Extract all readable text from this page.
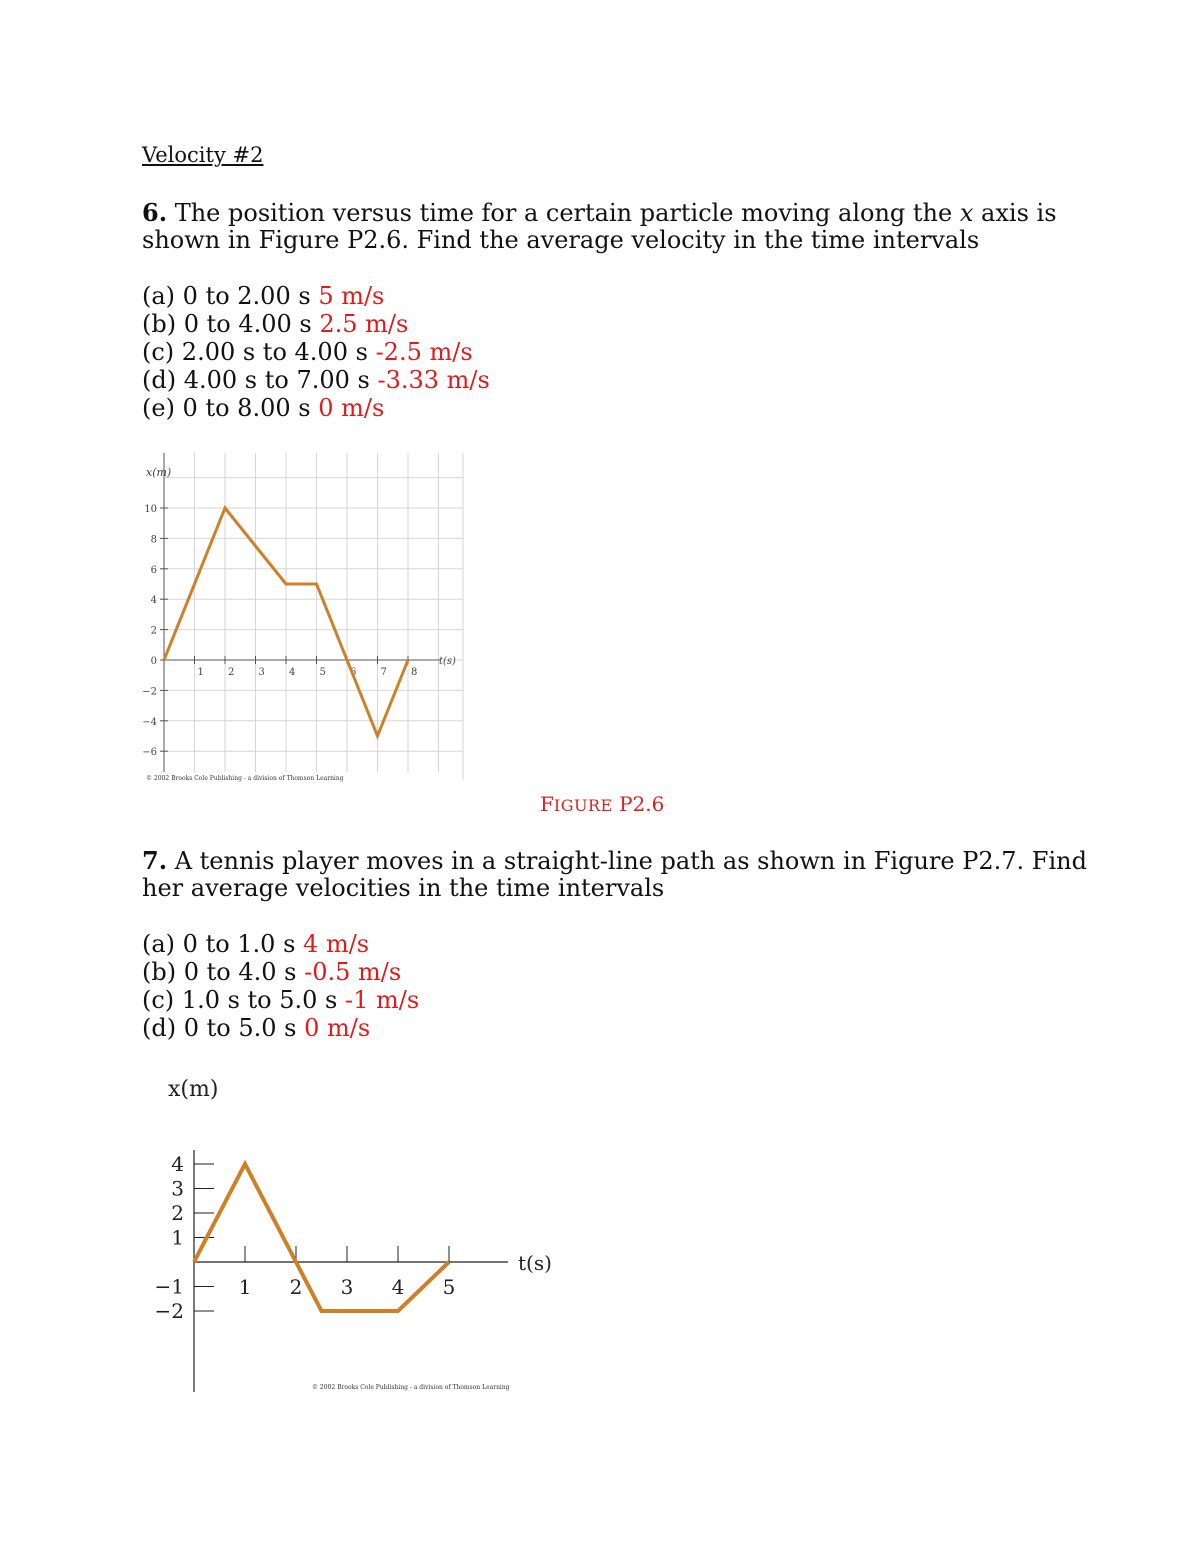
Velocity #2
6. The position versus time for a certain particle moving along the x axis is
shown in Figure P2.6. Find the average velocity in the time intervals
(a) 0 to 2.00 s 5 m/s
(b) 0 to 4.00 s 2.5 m/s
(c) 2.00 s to 4.00 s -2.5 m/s
(d) 4.00 s to 7.00 s -3.33 m/s
(e) 0 to 8.00 s 0 m/s
10
8
6
4
2
0
−2
−4
−6
1 2 3 4 5 6 7 8
x(m)
t(s)
© 2002 Brooks Cole Publishing - a division of Thomson Learning
FIGURE P2.6
7. A tennis player moves in a straight-line path as shown in Figure P2.7. Find
her average velocities in the time intervals
(a) 0 to 1.0 s 4 m/s
(b) 0 to 4.0 s -0.5 m/s
(c) 1.0 s to 5.0 s -1 m/s
(d) 0 to 5.0 s 0 m/s
4
3
2
1
−1
−2
1 2 3 4 5
x(m)
t(s)
© 2002 Brooks Cole Publishing - a division of Thomson Learning
